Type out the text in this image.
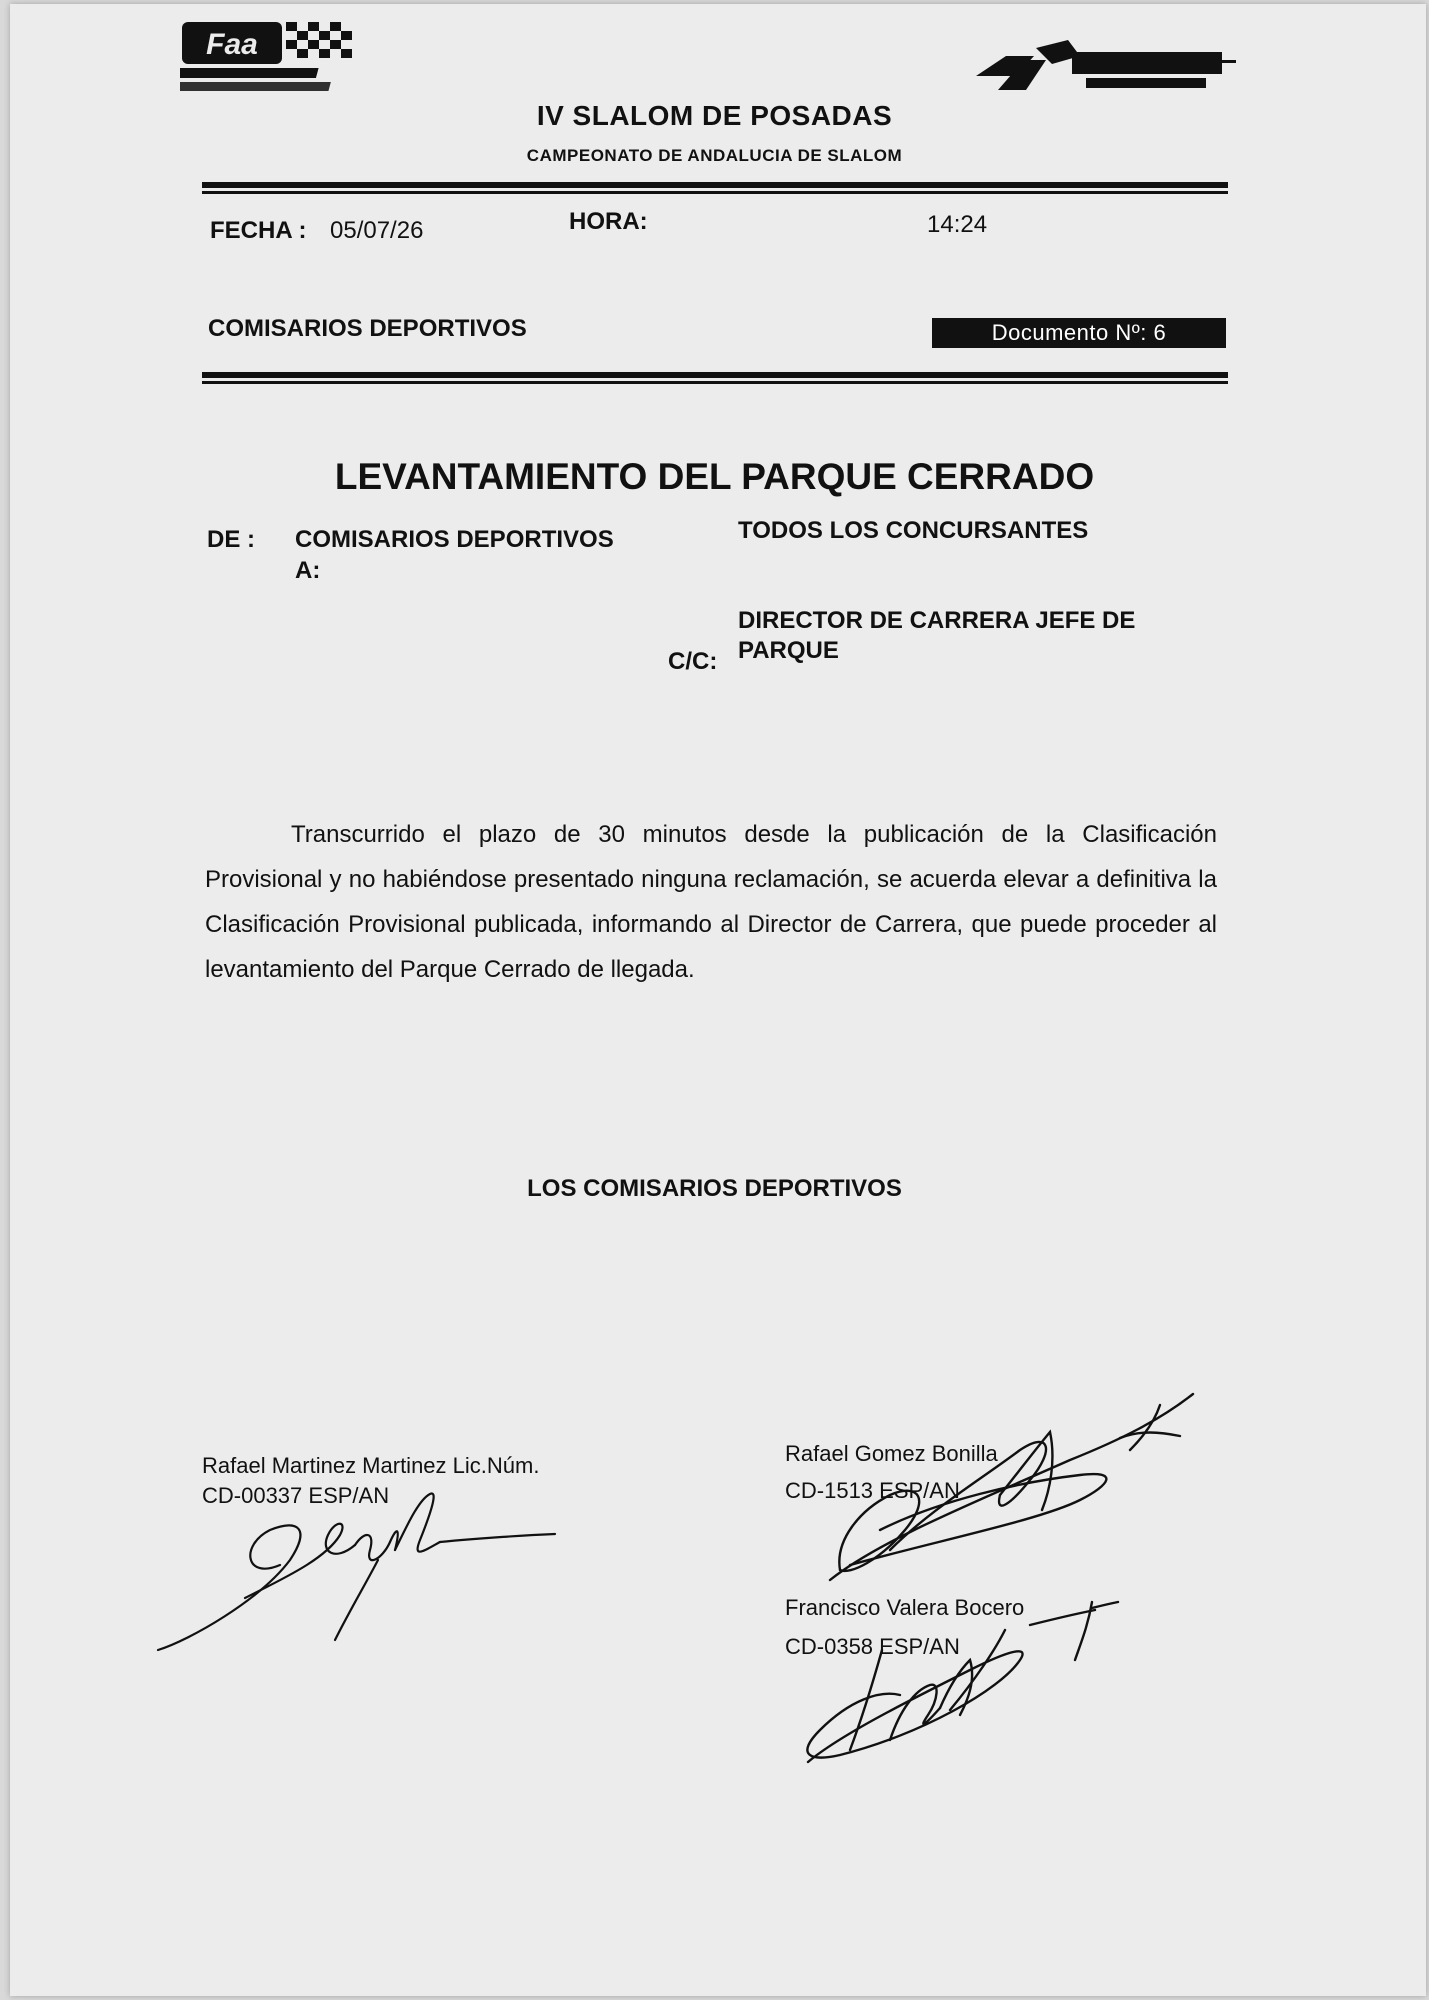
Faa
IV SLALOM DE POSADAS
CAMPEONATO DE ANDALUCIA DE SLALOM
FECHA : 05/07/26	HORA:	14:24
COMISARIOS DEPORTIVOS	Documento Nº: 6
LEVANTAMIENTO DEL PARQUE CERRADO
DE : COMISARIOS DEPORTIVOS
A:
TODOS LOS CONCURSANTES
C/C:
DIRECTOR DE CARRERA JEFE DE PARQUE
Transcurrido el plazo de 30 minutos desde la publicación de la Clasificación Provisional y no habiéndose presentado ninguna reclamación, se acuerda elevar a definitiva la Clasificación Provisional publicada, informando al Director de Carrera, que puede proceder al levantamiento del Parque Cerrado de llegada.
LOS COMISARIOS DEPORTIVOS
Rafael Martinez Martinez Lic.Núm.
CD-00337 ESP/AN
Rafael Gomez Bonilla
CD-1513 ESP/AN
Francisco Valera Bocero
CD-0358 ESP/AN
